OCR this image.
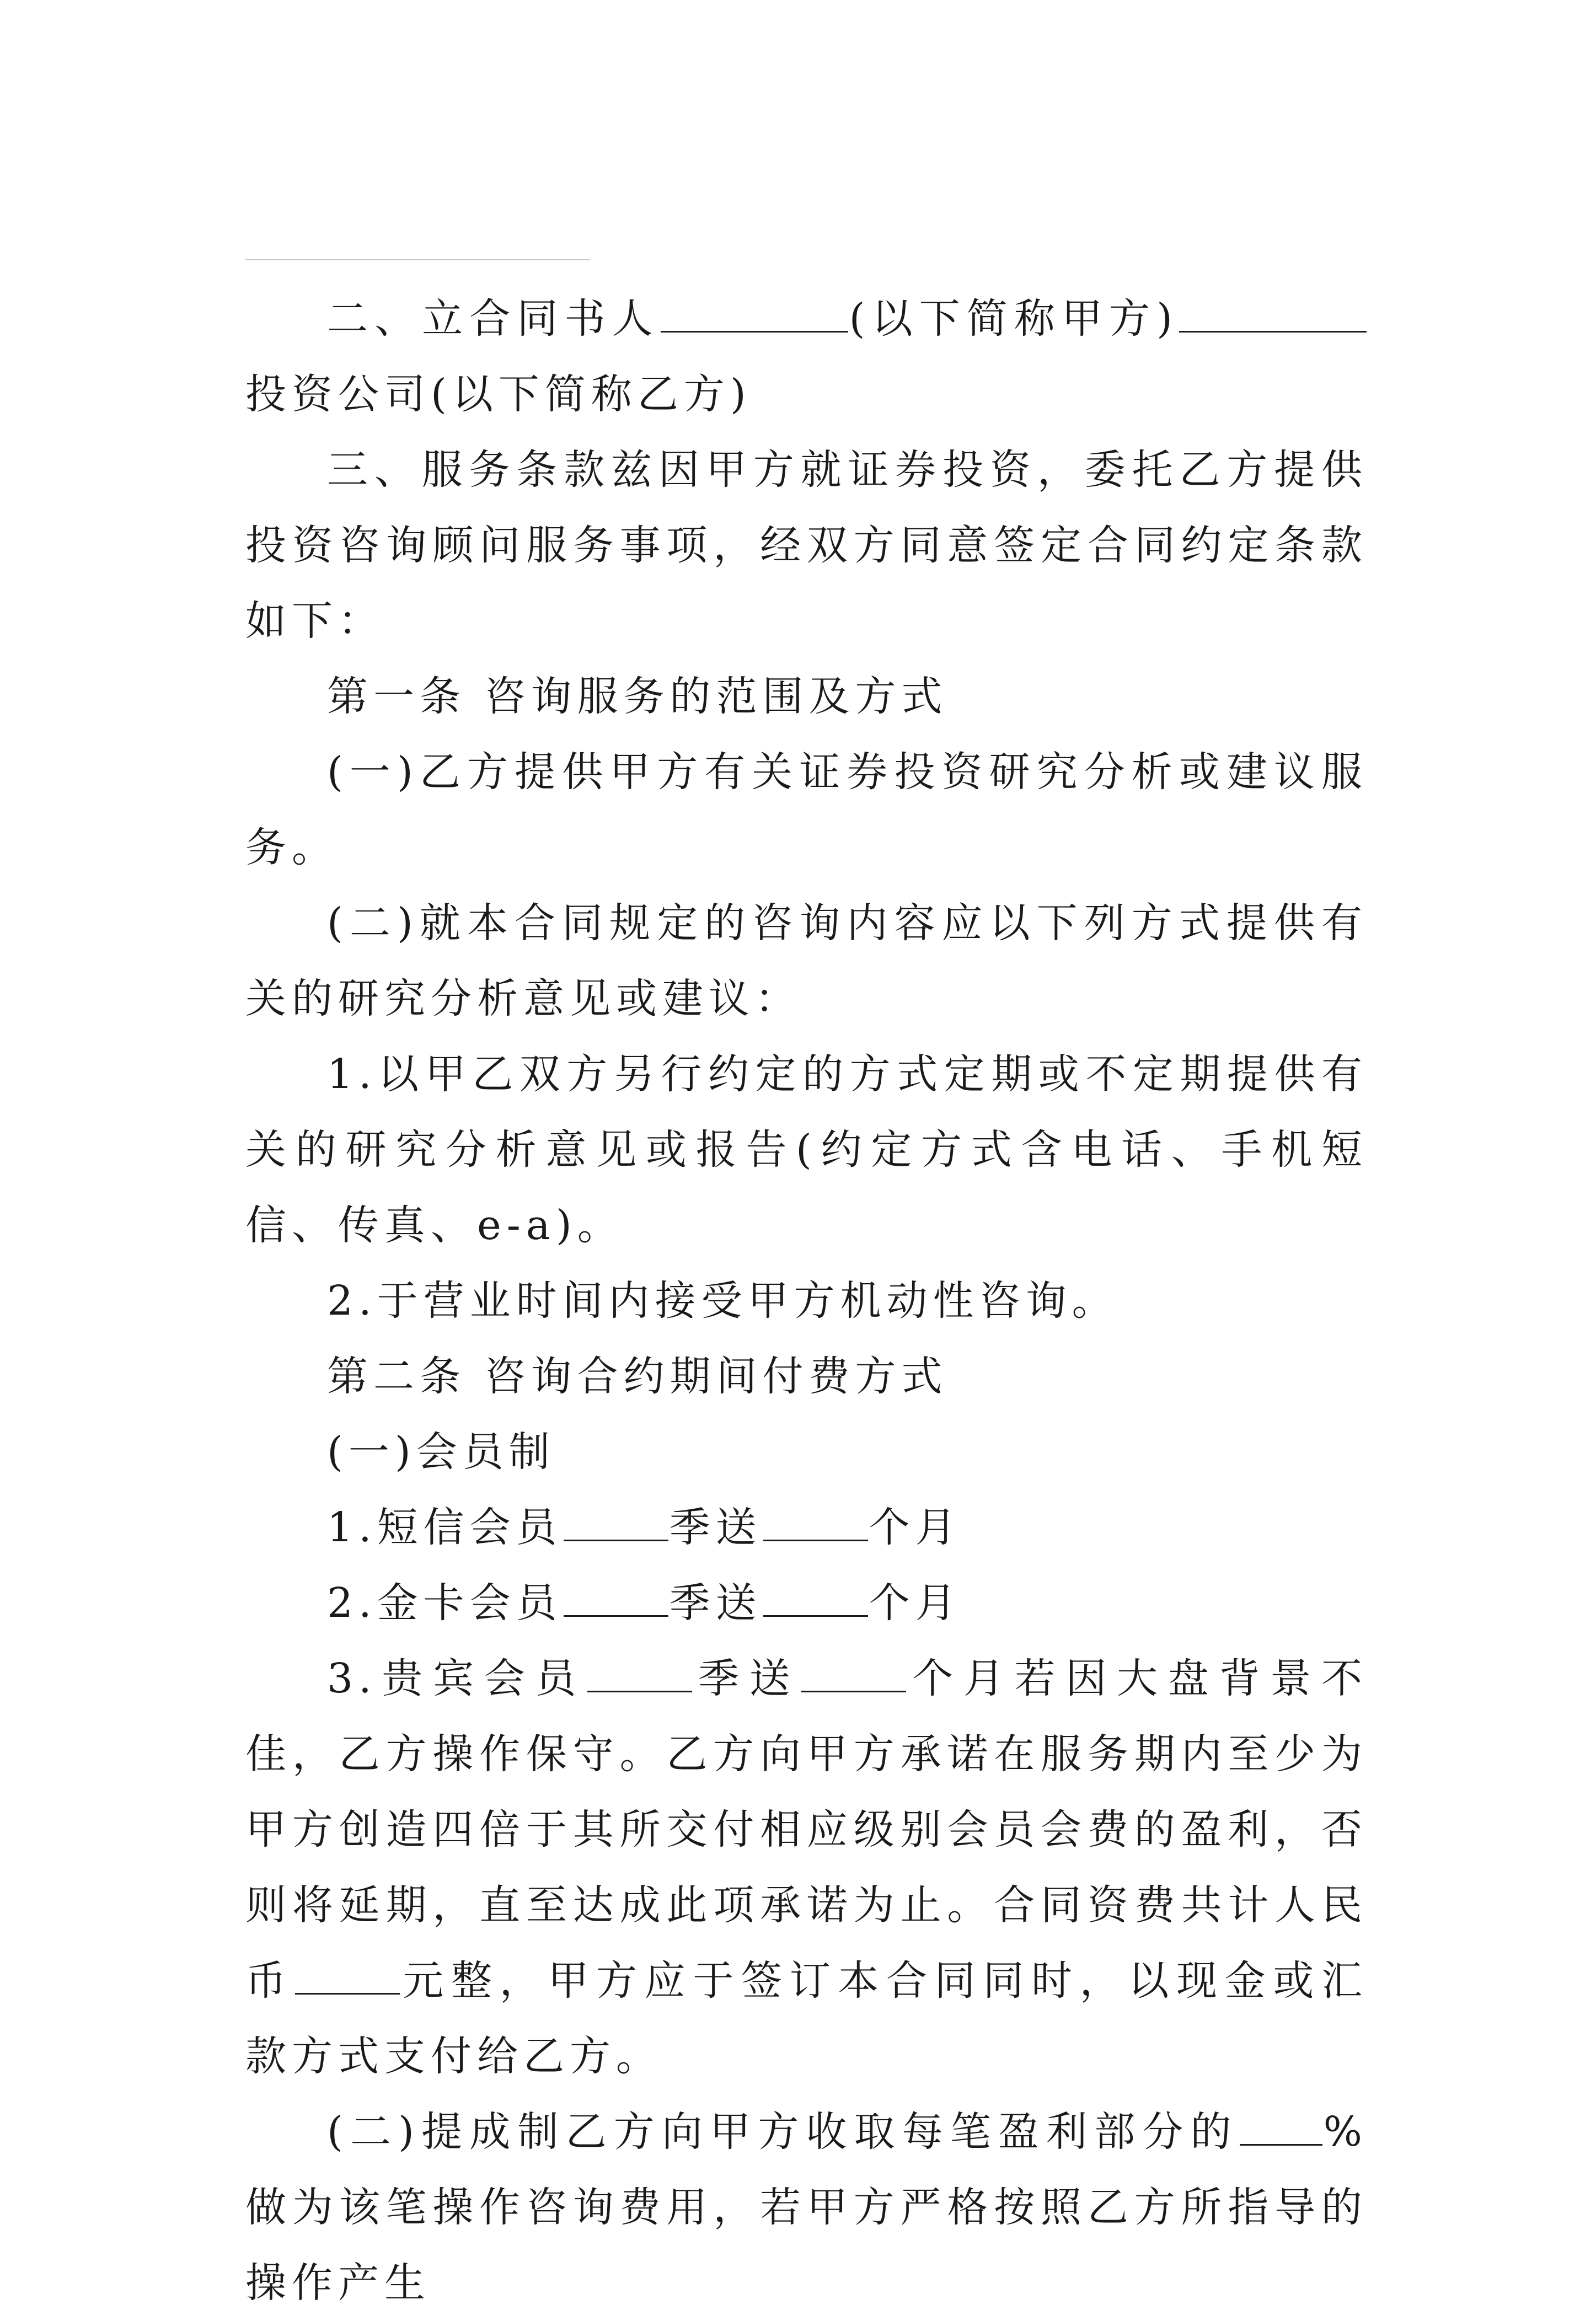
二、立合同书人	(以下简称甲方)投资公司(以下简称乙方)

三、服务条款兹因甲方就证券投资，委托乙方提供投资咨询顾问服务事项，经双方同意签定合同约定条款如下：

第一条 咨询服务的范围及方式

(一)乙方提供甲方有关证券投资研究分析或建议服务。

(二)就本合同规定的咨询内容应以下列方式提供有关的研究分析意见或建议：

1.以甲乙双方另行约定的方式定期或不定期提供有关的研究分析意见或报告(约定方式含电话、手机短信、传真、e-a)。

2.于营业时间内接受甲方机动性咨询。

第二条 咨询合约期间付费方式

(一)会员制

1.短信会员	季送	个月

2.金卡会员	季送	个月

3.贵宾会员	季送	个月若因大盘背景不佳，乙方操作保守。乙方向甲方承诺在服务期内至少为甲方创造四倍于其所交付相应级别会员会费的盈利，否则将延期，直至达成此项承诺为止。合同资费共计人民币	元整，甲方应于签订本合同同时，以现金或汇款方式支付给乙方。

(二)提成制乙方向甲方收取每笔盈利部分的 %做为该笔操作咨询费用，若甲方严格按照乙方所指导的操作产生
